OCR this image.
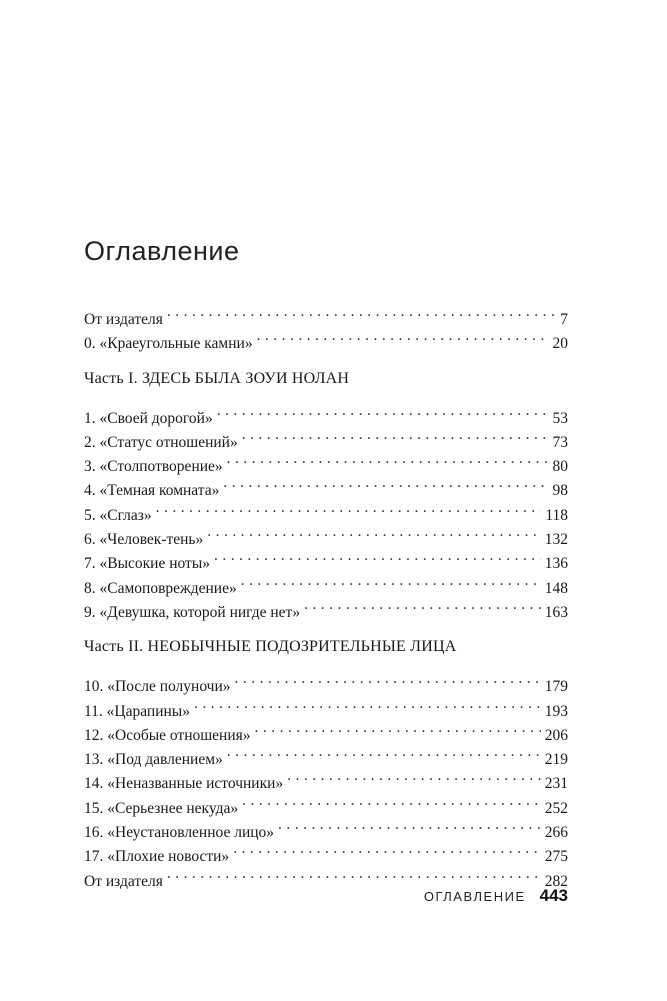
Оглавление
От издателя . . .	7
0. «Краеугольные камни» . . .	20
Часть I. ЗДЕСЬ БЫЛА ЗОУИ НОЛАН
1. «Своей дорогой» . . .	53
2. «Статус отношений» . . .	73
3. «Столпотворение» . . .	80
4. «Темная комната» . . .	98
5. «Сглаз» . . .	118
6. «Человек-тень» . . .	132
7. «Высокие ноты» . . .	136
8. «Самоповреждение» . . .	148
9. «Девушка, которой нигде нет» . . .	163
Часть II. НЕОБЫЧНЫЕ ПОДОЗРИТЕЛЬНЫЕ ЛИЦА
10. «После полуночи» . . .	179
11. «Царапины» . . .	193
12. «Особые отношения» . . .	206
13. «Под давлением» . . .	219
14. «Неназванные источники» . . .	231
15. «Серьезнее некуда» . . .	252
16. «Неустановленное лицо» . . .	266
17. «Плохие новости» . . .	275
От издателя . . .	282
ОГЛАВЛЕНИЕ 443
